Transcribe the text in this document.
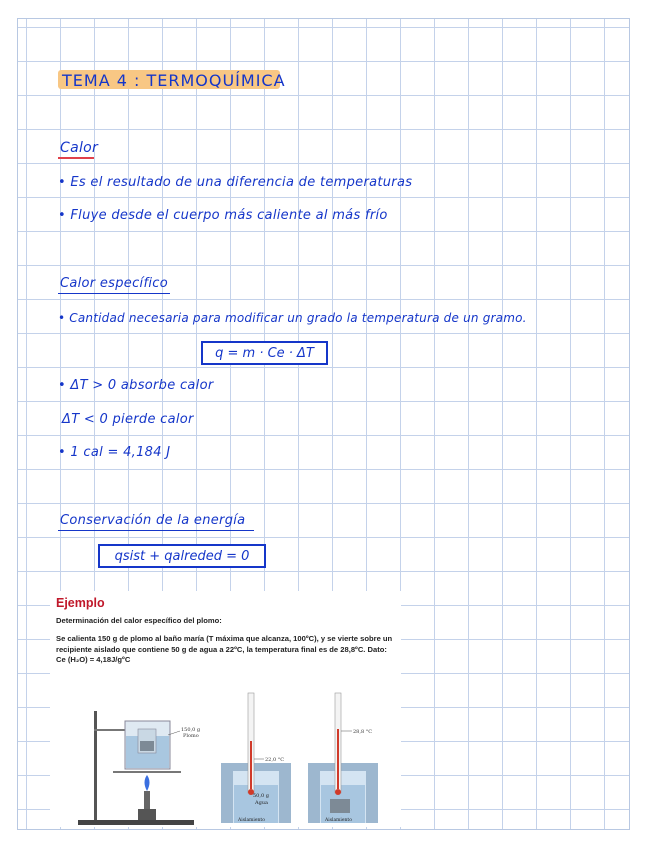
TEMA 4 : TERMOQUÍMICA
Calor
• Es el resultado de una diferencia de temperaturas
• Fluye desde el cuerpo más caliente al más frío
Calor específico
• Cantidad necesaria para modificar un grado la temperatura de un gramo.
q = m · Ce · ΔT
• ΔT > 0 absorbe calor
ΔT < 0 pierde calor
• 1 cal = 4,184 J
Conservación de la energía
qsist + qalreded = 0
Ejemplo
Determinación del calor específico del plomo:
Se calienta 150 g de plomo al baño maría (T máxima que alcanza, 100ºC), y se vierte sobre un recipiente aislado que contiene 50 g de agua a 22ºC, la temperatura final es de 28,8ºC. Dato: Ce (H₂O) = 4,18J/gºC
150,0 g
Plomo
22,0 °C
50,0 g
Agua
Aislamiento
28,8 °C
Aislamiento
